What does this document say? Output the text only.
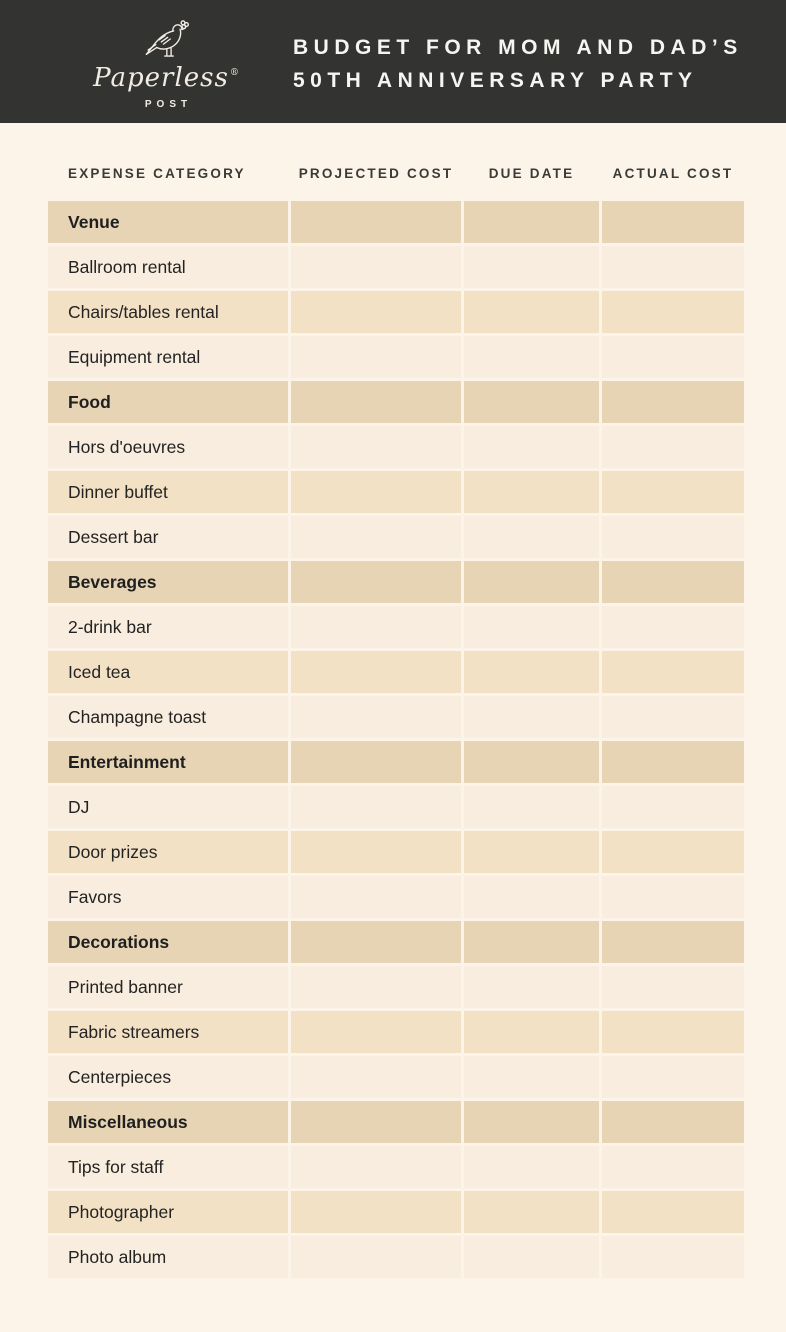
Paperless®
POST
BUDGET FOR MOM AND DAD’S
50TH ANNIVERSARY PARTY
EXPENSE CATEGORY	PROJECTED COST	DUE DATE	ACTUAL COST
Venue
Ballroom rental
Chairs/tables rental
Equipment rental
Food
Hors d'oeuvres
Dinner buffet
Dessert bar
Beverages
2-drink bar
Iced tea
Champagne toast
Entertainment
DJ
Door prizes
Favors
Decorations
Printed banner
Fabric streamers
Centerpieces
Miscellaneous
Tips for staff
Photographer
Photo album
